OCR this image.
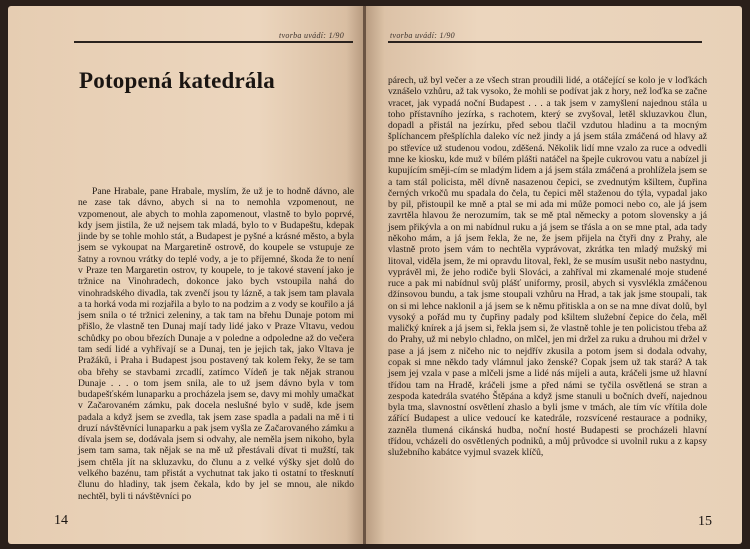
tvorba uvádí: 1/90
Potopená katedrála

Pane Hrabale, pane Hrabale, myslím, že už je to hodně dávno, ale ne zase tak dávno, abych si na to nemohla vzpomenout, ne vzpomenout, ale abych to mohla zapomenout, vlastně to bylo poprvé, kdy jsem jistila, že už nejsem tak mladá, bylo to v Budapeštu, kdepak jinde by se tohle mohlo stát, a Budapest je pyšné a krásné město, a byla jsem se vykoupat na Margaretině ostrově, do koupele se vstupuje ze šatny a rovnou vrátky do teplé vody, a je to příjemné, škoda že to není v Praze ten Margaretin ostrov, ty koupele, to je takové stavení jako je tržnice na Vinohradech, dokonce jako bych vstoupila nahá do vinohradského divadla, tak zvenčí jsou ty lázně, a tak jsem tam plavala a ta horká voda mi rozjařila a bylo to na podzim a z vody se kouřilo a já jsem snila o té tržnici zeleniny, a tak tam na břehu Dunaje potom mi přišlo, že vlastně ten Dunaj mají tady lidé jako v Praze Vltavu, vedou schůdky po obou březích Dunaje a v poledne a odpoledne až do večera tam sedí lidé a vyhřívají se a Dunaj, ten je jejich tak, jako Vltava je Pražáků, i Praha i Budapest jsou postavený tak kolem řeky, že se tam oba břehy se stavbami zrcadlí, zatímco Vídeň je tak nějak stranou Dunaje . . . o tom jsem snila, ale to už jsem dávno byla v tom budapešťském lunaparku a procházela jsem se, davy mi mohly umačkat v Začarovaném zámku, pak docela neslušné bylo v sudě, kde jsem padala a když jsem se zvedla, tak jsem zase spadla a padali na mě i ti druzí návštěvníci lunaparku a pak jsem vyšla ze Začarovaného zámku a dívala jsem se, dodávala jsem si odvahy, ale neměla jsem nikoho, byla jsem tam sama, tak nějak se na mě už přestávali dívat ti mužští, tak jsem chtěla jít na skluzavku, do člunu a z velké výšky sjet dolů do velkého bazénu, tam přistát a vychutnat tak jako ti ostatní to třesknutí člunu do hladiny, tak jsem čekala, kdo by jel se mnou, ale nikdo nechtěl, byli ti návštěvníci po

14
tvorba uvádí: 1/90

párech, už byl večer a ze všech stran proudili lidé, a otáčející se kolo je v loďkách vznášelo vzhůru, až tak vysoko, že mohli se podívat jak z hory, než loďka se začne vracet, jak vypadá noční Budapest . . . a tak jsem v zamyšlení najednou stála u toho přístavního jezírka, s rachotem, který se zvyšoval, letěl skluzavkou člun, dopadl a přistál na jezírku, před sebou tlačil vzdutou hladinu a ta mocným šplíchancem přešplíchla daleko víc než jindy a já jsem stála zmáčená od hlavy až po střevíce už studenou vodou, zděšená. Několik lidí mne vzalo za ruce a odvedli mne ke kiosku, kde muž v bílém plášti natáčel na špejle cukrovou vatu a nabízel ji kupujícím směji-cím se mladým lidem a já jsem stála zmáčená a prohlížela jsem se a tam stál policista, měl dívně nasazenou čepici, se zvednutým kšiltem, čupřina černých vrkočů mu spadala do čela, tu čepici měl staženou do týla, vypadal jako by pil, přistoupil ke mně a ptal se mi ada mi může pomoci nebo co, ale já jsem zavrtěla hlavou že nerozumím, tak se mě ptal německy a potom slovensky a já jsem přikývla a on mi nabídnul ruku a já jsem se třásla a on se mne ptal, ada tady někoho mám, a já jsem řekla, že ne, že jsem přijela na čtyři dny z Prahy, ale vlastně proto jsem vám to nechtěla vyprávovat, zkrátka ten mladý mužský mi litoval, viděla jsem, že mi opravdu litoval, řekl, že se musím usušit nebo nastydnu, vyprávěl mi, že jeho rodiče byli Slováci, a zahříval mi zkamenalé moje studené ruce a pak mi nabídnul svůj plášť uniformy, prosil, abych si vysvlékla zmáčenou džínsovou bundu, a tak jsme stoupali vzhůru na Hrad, a tak jak jsme stoupali, tak on si mi lehce naklonil a já jsem se k němu přitiskla a on se na mne dívat dolů, byl vysoký a pořád mu ty čupřiny padaly pod kšiltem služební čepice do čela, měl maličký knírek a já jsem si, řekla jsem si, že vlastně tohle je ten policistou třeba až do Prahy, už mi nebylo chladno, on mlčel, jen mi držel za ruku a druhou mi držel v pase a já jsem z ničeho nic to nejdřív zkusila a potom jsem si dodala odvahy, copak si mne někdo tady vlámnul jako ženské? Copak jsem už tak stará? A tak jsem jej vzala v pase a mlčeli jsme a lidé nás míjeli a auta, kráčeli jsme už hlavní třídou tam na Hradě, kráčeli jsme a před námi se tyčila osvětlená se stran a zespoda katedrála svatého Štěpána a když jsme stanuli u bočních dveří, najednou byla tma, slavnostní osvětlení zhaslo a byli jsme v tmách, ale tím víc vřítila dole zářící Budapest a ulice vedoucí ke katedrále, rozsvícené restaurace a podniky, zazněla tlumená cikánská hudba, noční hosté Budapesti se procházeli hlavní třídou, vcházeli do osvětlených podniků, a můj průvodce si uvolnil ruku a z kapsy služebního kabátce vyjmul svazek klíčů,

15
